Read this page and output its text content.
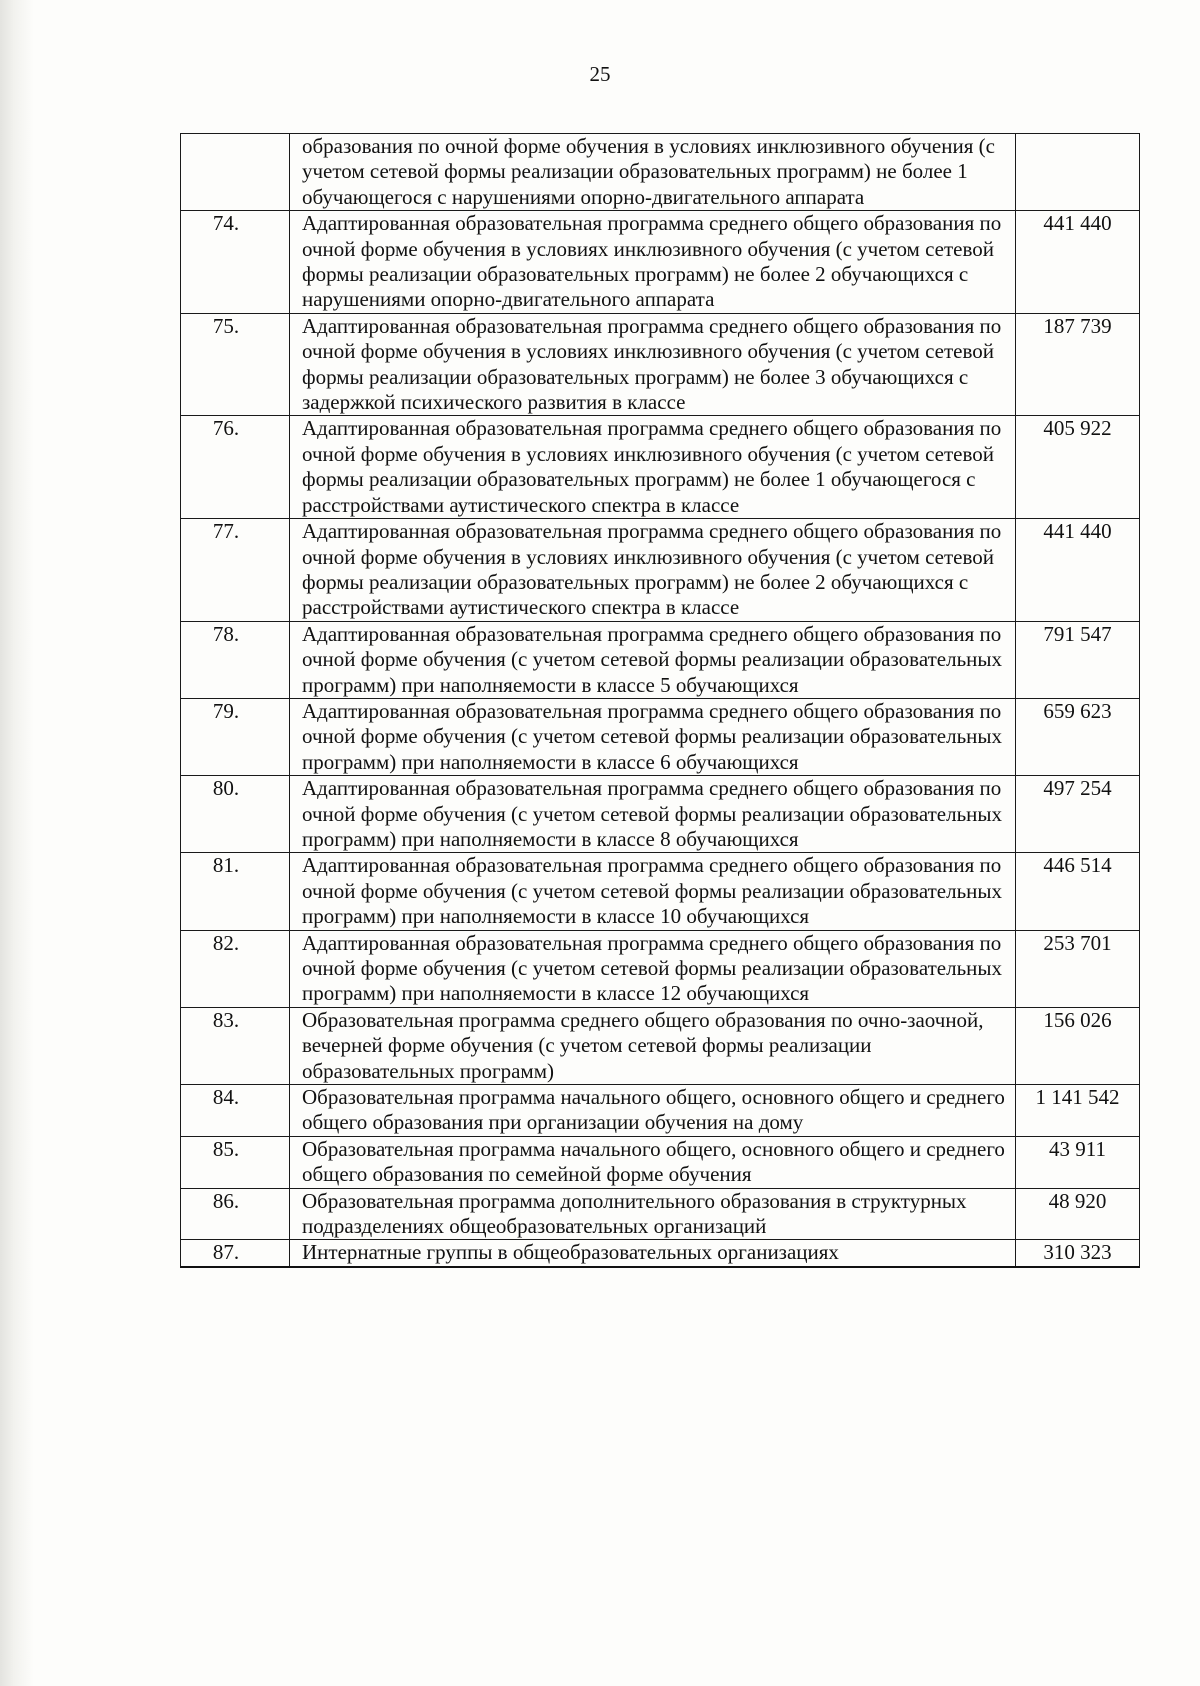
25
	образования по очной форме обучения в условиях инклюзивного обучения (с учетом сетевой формы реализации образовательных программ) не более 1 обучающегося с нарушениями опорно-двигательного аппарата	
74.	Адаптированная образовательная программа среднего общего образования по очной форме обучения в условиях инклюзивного обучения (с учетом сетевой формы реализации образовательных программ) не более 2 обучающихся с нарушениями опорно-двигательного аппарата	441 440
75.	Адаптированная образовательная программа среднего общего образования по очной форме обучения в условиях инклюзивного обучения (с учетом сетевой формы реализации образовательных программ) не более 3 обучающихся с задержкой психического развития в классе	187 739
76.	Адаптированная образовательная программа среднего общего образования по очной форме обучения в условиях инклюзивного обучения (с учетом сетевой формы реализации образовательных программ) не более 1 обучающегося с расстройствами аутистического спектра в классе	405 922
77.	Адаптированная образовательная программа среднего общего образования по очной форме обучения в условиях инклюзивного обучения (с учетом сетевой формы реализации образовательных программ) не более 2 обучающихся с расстройствами аутистического спектра в классе	441 440
78.	Адаптированная образовательная программа среднего общего образования по очной форме обучения (с учетом сетевой формы реализации образовательных программ) при наполняемости в классе 5 обучающихся	791 547
79.	Адаптированная образовательная программа среднего общего образования по очной форме обучения (с учетом сетевой формы реализации образовательных программ) при наполняемости в классе 6 обучающихся	659 623
80.	Адаптированная образовательная программа среднего общего образования по очной форме обучения (с учетом сетевой формы реализации образовательных программ) при наполняемости в классе 8 обучающихся	497 254
81.	Адаптированная образовательная программа среднего общего образования по очной форме обучения (с учетом сетевой формы реализации образовательных программ) при наполняемости в классе 10 обучающихся	446 514
82.	Адаптированная образовательная программа среднего общего образования по очной форме обучения (с учетом сетевой формы реализации образовательных программ) при наполняемости в классе 12 обучающихся	253 701
83.	Образовательная программа среднего общего образования по очно-заочной, вечерней форме обучения (с учетом сетевой формы реализации образовательных программ)	156 026
84.	Образовательная программа начального общего, основного общего и среднего общего образования при организации обучения на дому	1 141 542
85.	Образовательная программа начального общего, основного общего и среднего общего образования по семейной форме обучения	43 911
86.	Образовательная программа дополнительного образования в структурных подразделениях общеобразовательных организаций	48 920
87.	Интернатные группы в общеобразовательных организациях	310 323
